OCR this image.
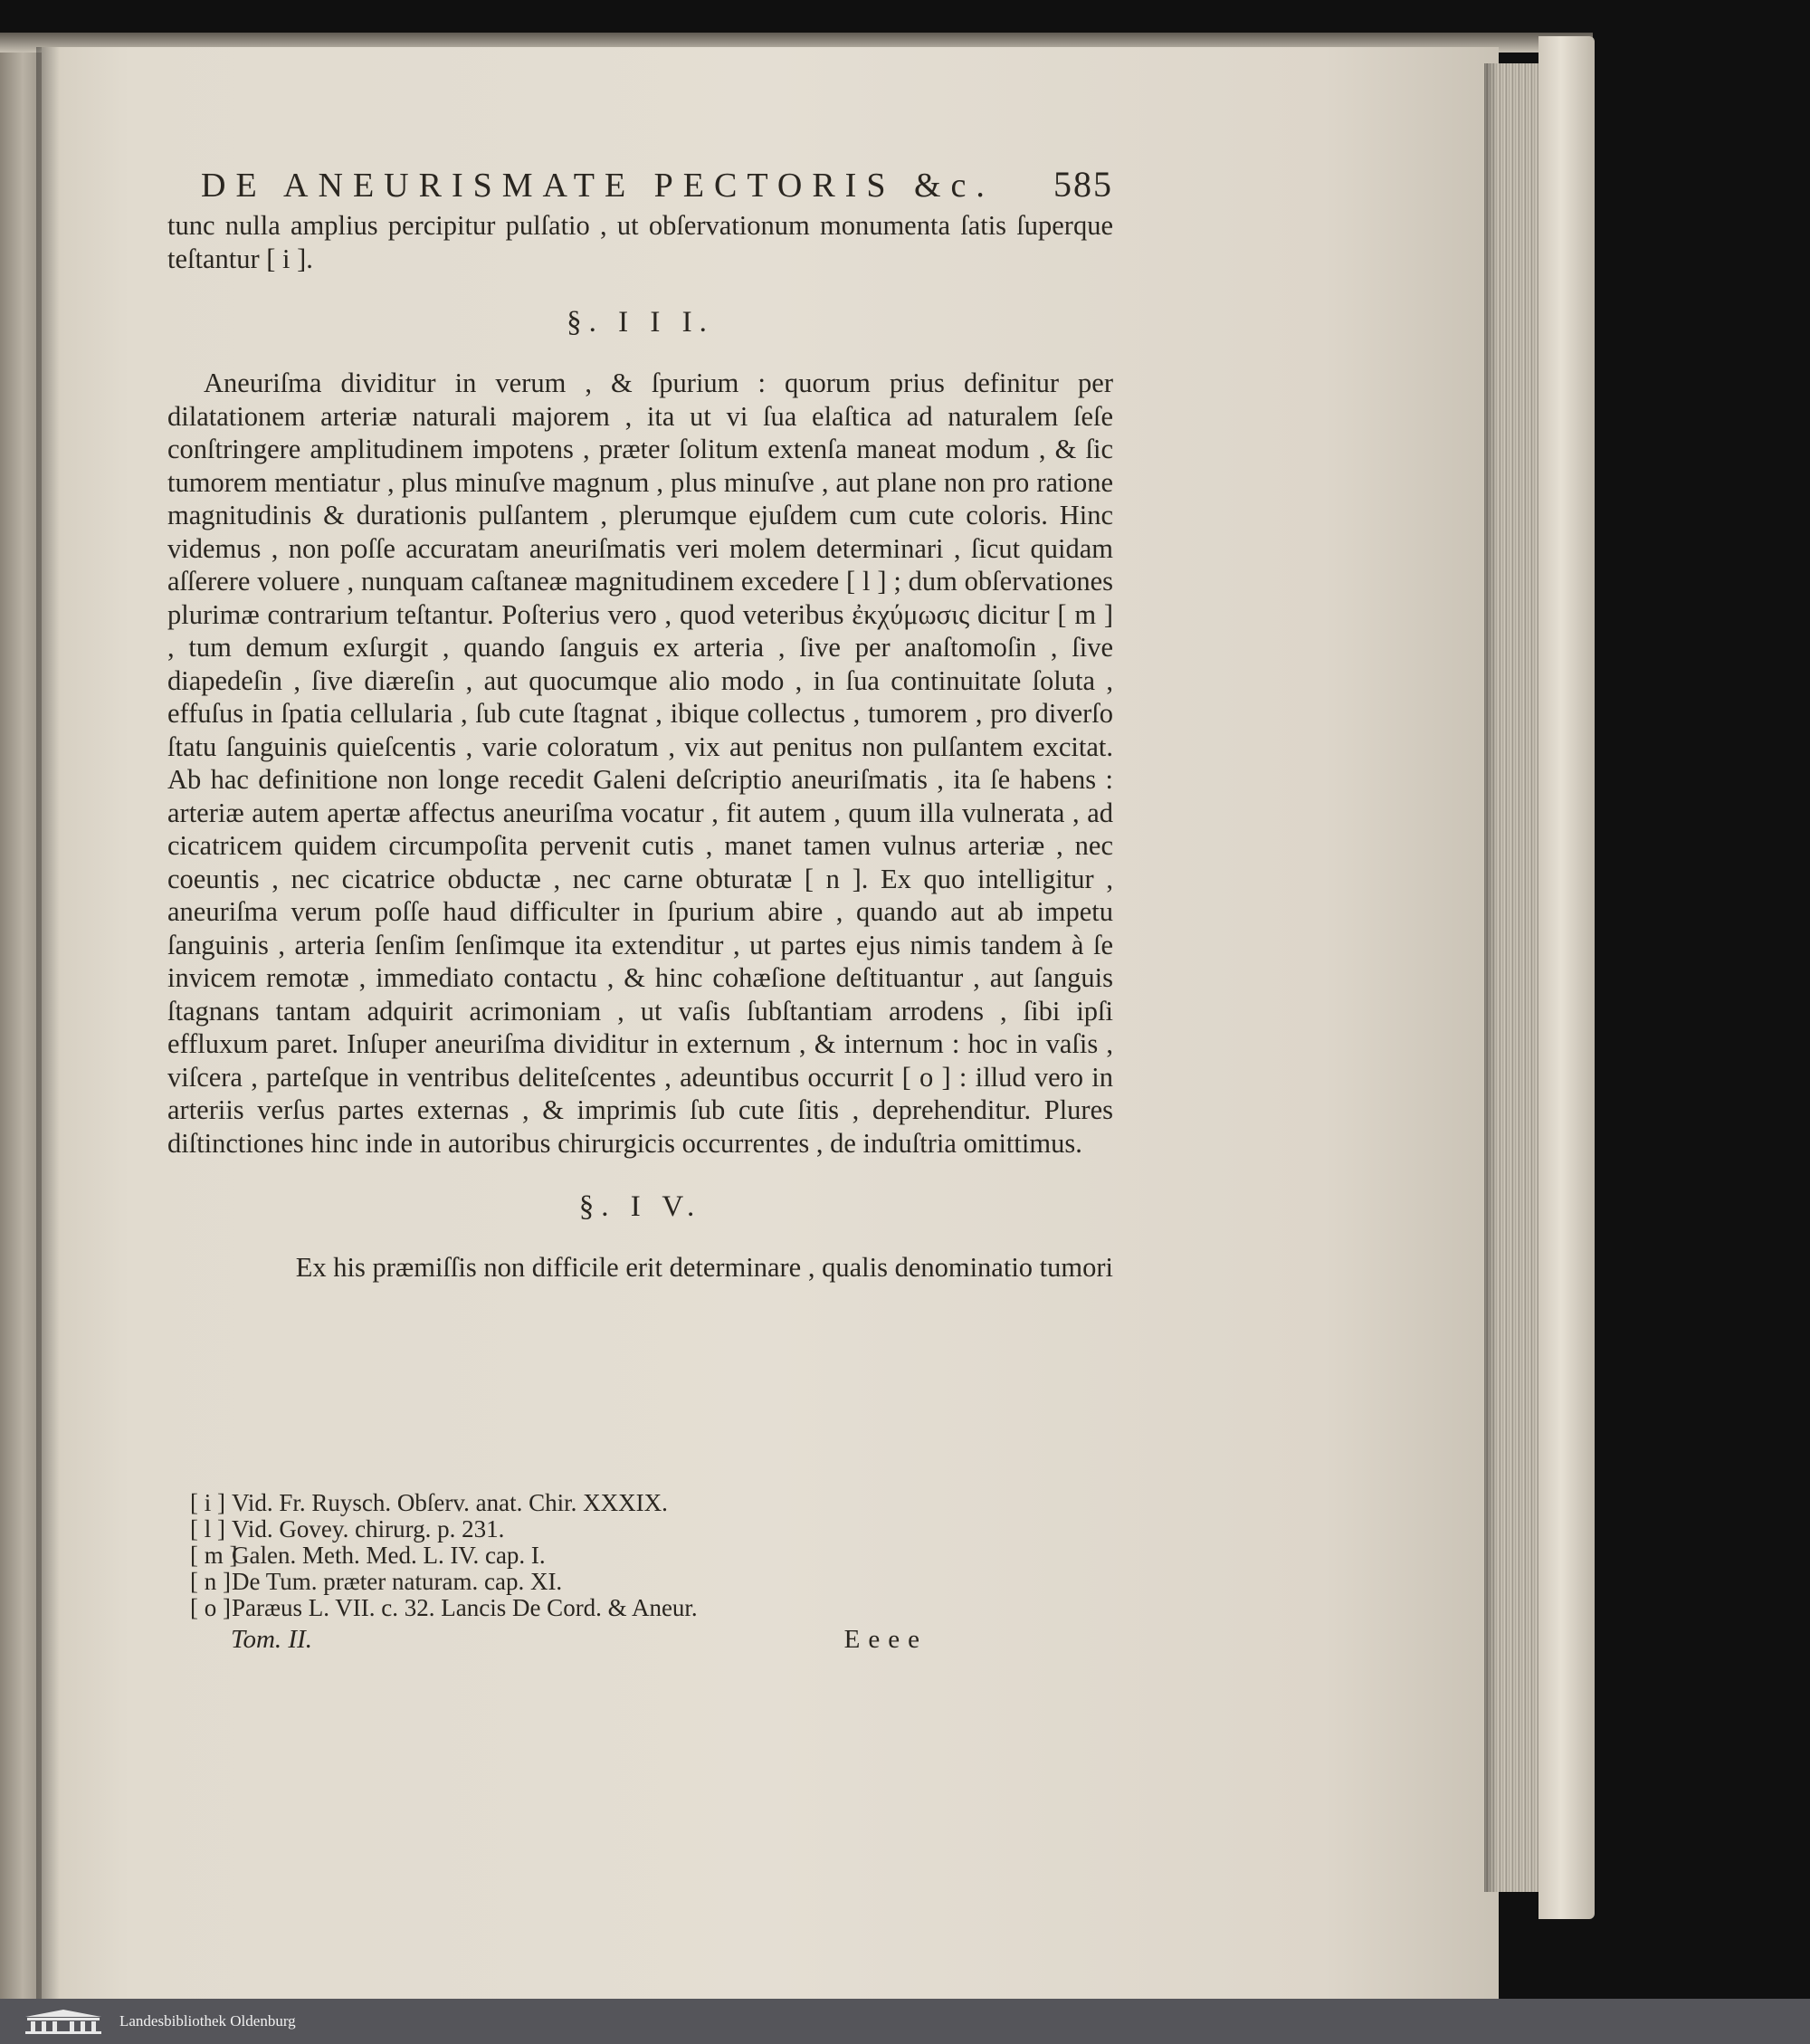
DE ANEURISMATE PECTORIS &c. 585

tunc nulla amplius percipitur pulſatio , ut obſervationum monumenta ſatis ſuperque teſtantur [ i ].

§. I I I.

Aneuriſma dividitur in verum , & ſpurium : quorum prius definitur per dilatationem arteriæ naturali majorem , ita ut vi ſua elaſtica ad naturalem ſeſe conſtringere amplitudinem impotens , præter ſolitum extenſa maneat modum , & ſic tumorem mentiatur , plus minuſve magnum , plus minuſve , aut plane non pro ratione magnitudinis & durationis pulſantem , plerumque ejuſdem cum cute coloris. Hinc videmus , non poſſe accuratam aneuriſmatis veri molem determinari , ſicut quidam aſſerere voluere , nunquam caſtaneæ magnitudinem excedere [ l ] ; dum obſervationes plurimæ contrarium teſtantur. Poſterius vero , quod veteribus ἐκχύμωσις dicitur [ m ] , tum demum exſurgit , quando ſanguis ex arteria , ſive per anaſtomoſin , ſive diapedeſin , ſive diæreſin , aut quocumque alio modo , in ſua continuitate ſoluta , effuſus in ſpatia cellularia , ſub cute ſtagnat , ibique collectus , tumorem , pro diverſo ſtatu ſanguinis quieſcentis , varie coloratum , vix aut penitus non pulſantem excitat. Ab hac definitione non longe recedit Galeni deſcriptio aneuriſmatis , ita ſe habens : arteriæ autem apertæ affectus aneuriſma vocatur , fit autem , quum illa vulnerata , ad cicatricem quidem circumpoſita pervenit cutis , manet tamen vulnus arteriæ , nec coeuntis , nec cicatrice obductæ , nec carne obturatæ [ n ]. Ex quo intelligitur , aneuriſma verum poſſe haud difficulter in ſpurium abire , quando aut ab impetu ſanguinis , arteria ſenſim ſenſimque ita extenditur , ut partes ejus nimis tandem à ſe invicem remotæ , immediato contactu , & hinc cohæſione deſtituantur , aut ſanguis ſtagnans tantam adquirit acrimoniam , ut vaſis ſubſtantiam arrodens , ſibi ipſi effluxum paret. Inſuper aneuriſma dividitur in externum , & internum : hoc in vaſis , viſcera , parteſque in ventribus deliteſcentes , adeuntibus occurrit [ o ] : illud vero in arteriis verſus partes externas , & imprimis ſub cute ſitis , deprehenditur. Plures diſtinctiones hinc inde in autoribus chirurgicis occurrentes , de induſtria omittimus.

§. I V.

Ex his præmiſſis non difficile erit determinare , qualis denominatio tumori

[ i ] Vid. Fr. Ruysch. Obſerv. anat. Chir. XXXIX.
[ l ] Vid. Govey. chirurg. p. 231.
[ m ]Galen. Meth. Med. L. IV. cap. I.
[ n ]De Tum. præter naturam. cap. XI.
[ o ]Paræus L. VII. c. 32. Lancis De Cord. & Aneur.
Tom. II.	Eeee
Landesbibliothek Oldenburg
